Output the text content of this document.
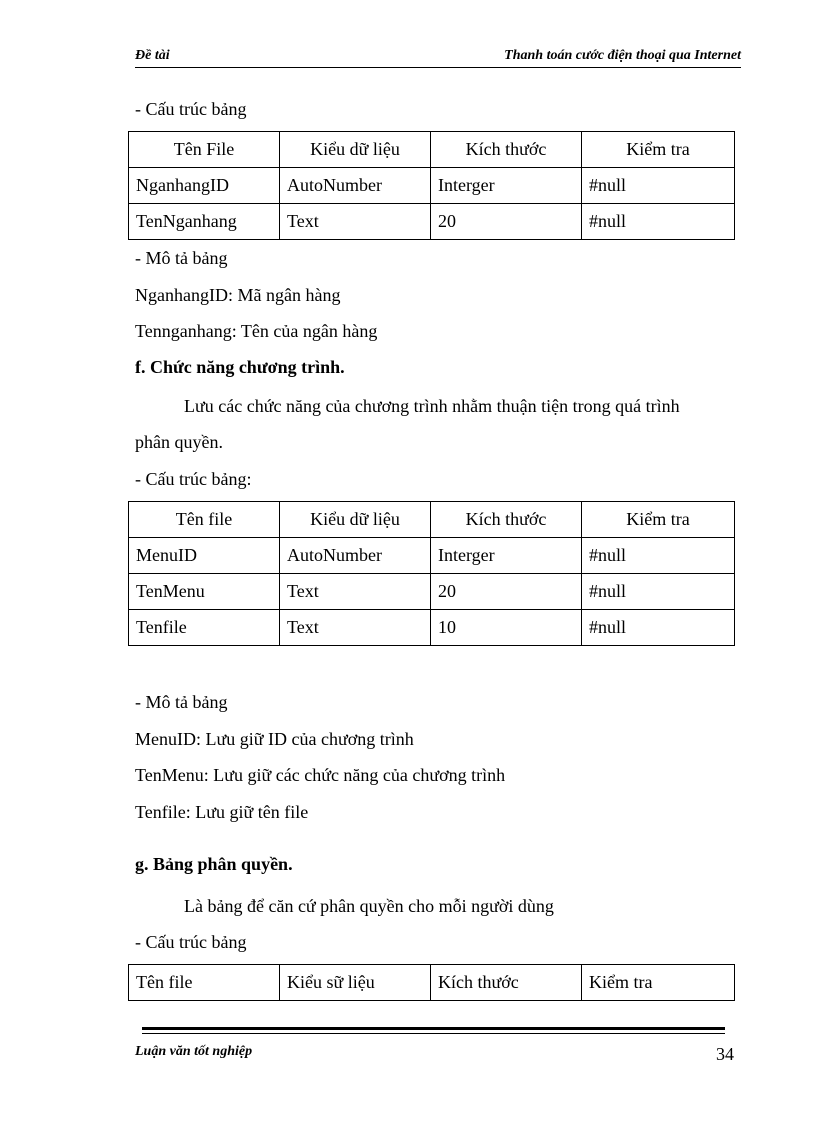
Đề tài	Thanh toán cước điện thoại qua Internet
- Cấu trúc bảng
Tên File	Kiểu dữ liệu	Kích thước	Kiểm tra
NganhangID	AutoNumber	Interger	#null
TenNganhang	Text	20	#null
- Mô tả bảng
NganhangID: Mã ngân hàng
Tennganhang: Tên của ngân hàng
f. Chức năng chương trình.
Lưu các chức năng của chương trình nhằm thuận tiện trong quá trình
phân quyền.
- Cấu trúc bảng:
Tên file	Kiểu dữ liệu	Kích thước	Kiểm tra
MenuID	AutoNumber	Interger	#null
TenMenu	Text	20	#null
Tenfile	Text	10	#null
- Mô tả bảng
MenuID: Lưu giữ ID của chương trình
TenMenu: Lưu giữ các chức năng của chương trình
Tenfile: Lưu giữ tên file
g. Bảng phân quyền.
Là bảng để căn cứ phân quyền cho mỗi người dùng
- Cấu trúc bảng
Tên file	Kiểu sữ liệu	Kích thước	Kiểm tra
Luận văn tốt nghiệp	34
